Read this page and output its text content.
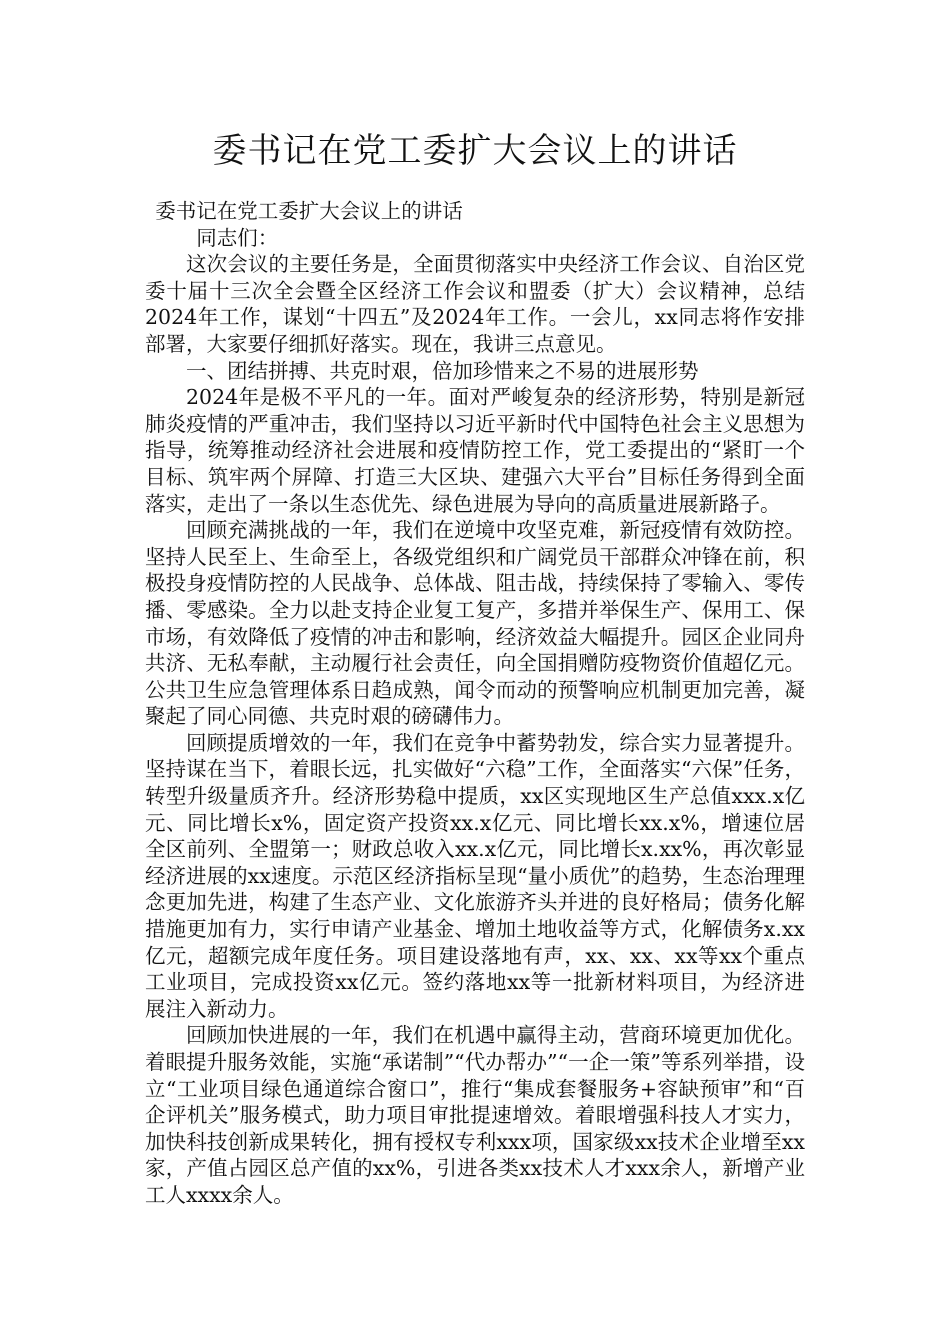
委书记在党工委扩大会议上的讲话

委书记在党工委扩大会议上的讲话

同志们：

这次会议的主要任务是，全面贯彻落实中央经济工作会议、自治区党委十届十三次全会暨全区经济工作会议和盟委（扩大）会议精神，总结2024年工作，谋划“十四五”及2024年工作。一会儿，xx同志将作安排部署，大家要仔细抓好落实。现在，我讲三点意见。

一、团结拼搏、共克时艰，倍加珍惜来之不易的进展形势

2024年是极不平凡的一年。面对严峻复杂的经济形势，特别是新冠肺炎疫情的严重冲击，我们坚持以习近平新时代中国特色社会主义思想为指导，统筹推动经济社会进展和疫情防控工作，党工委提出的“紧盯一个目标、筑牢两个屏障、打造三大区块、建强六大平台”目标任务得到全面落实，走出了一条以生态优先、绿色进展为导向的高质量进展新路子。

回顾充满挑战的一年，我们在逆境中攻坚克难，新冠疫情有效防控。坚持人民至上、生命至上，各级党组织和广阔党员干部群众冲锋在前，积极投身疫情防控的人民战争、总体战、阻击战，持续保持了零输入、零传播、零感染。全力以赴支持企业复工复产，多措并举保生产、保用工、保市场，有效降低了疫情的冲击和影响，经济效益大幅提升。园区企业同舟共济、无私奉献，主动履行社会责任，向全国捐赠防疫物资价值超亿元。公共卫生应急管理体系日趋成熟，闻令而动的预警响应机制更加完善，凝聚起了同心同德、共克时艰的磅礴伟力。

回顾提质增效的一年，我们在竞争中蓄势勃发，综合实力显著提升。坚持谋在当下，着眼长远，扎实做好“六稳”工作，全面落实“六保”任务，转型升级量质齐升。经济形势稳中提质，xx区实现地区生产总值xxx.x亿元、同比增长x%，固定资产投资xx.x亿元、同比增长xx.x%，增速位居全区前列、全盟第一；财政总收入xx.x亿元，同比增长x.xx%，再次彰显经济进展的xx速度。示范区经济指标呈现“量小质优”的趋势，生态治理理念更加先进，构建了生态产业、文化旅游齐头并进的良好格局；债务化解措施更加有力，实行申请产业基金、增加土地收益等方式，化解债务x.xx亿元，超额完成年度任务。项目建设落地有声，xx、xx、xx等xx个重点工业项目，完成投资xx亿元。签约落地xx等一批新材料项目，为经济进展注入新动力。

回顾加快进展的一年，我们在机遇中赢得主动，营商环境更加优化。着眼提升服务效能，实施“承诺制”“代办帮办”“一企一策”等系列举措，设立“工业项目绿色通道综合窗口”，推行“集成套餐服务+容缺预审”和“百企评机关”服务模式，助力项目审批提速增效。着眼增强科技人才实力，加快科技创新成果转化，拥有授权专利xxx项，国家级xx技术企业增至xx家，产值占园区总产值的xx%，引进各类xx技术人才xxx余人，新增产业工人xxxx余人。
